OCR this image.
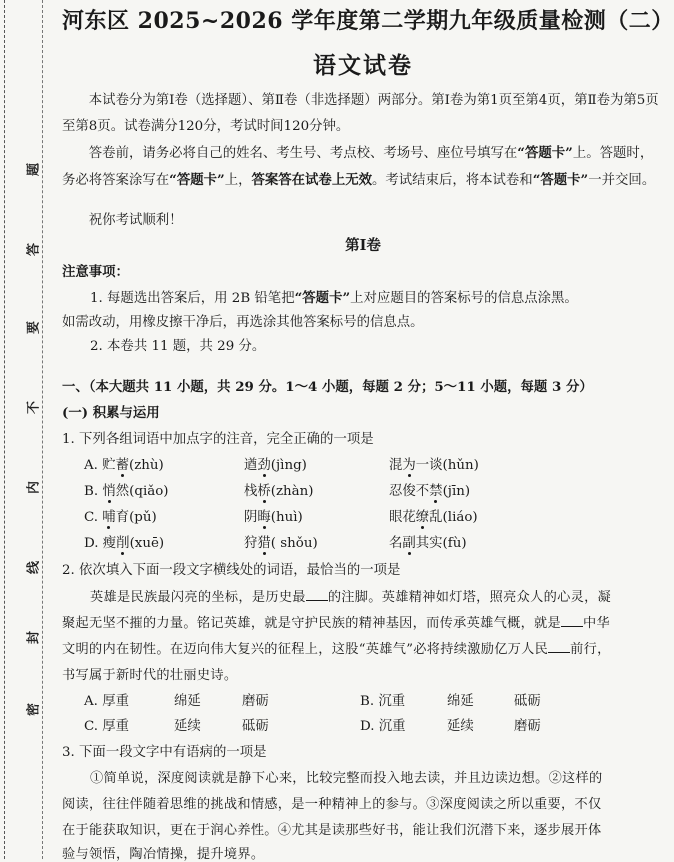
题
答
要
不
内
线
封
密
河东区 2025~2026 学年度第二学期九年级质量检测（二）
语文试卷
本试卷分为第Ⅰ卷（选择题）、第Ⅱ卷（非选择题）两部分。第Ⅰ卷为第1页至第4页，第Ⅱ卷为第5页至第8页。试卷满分120分，考试时间120分钟。
答卷前，请务必将自己的姓名、考生号、考点校、考场号、座位号填写在“答题卡”上。答题时，务必将答案涂写在“答题卡”上，答案答在试卷上无效。考试结束后，将本试卷和“答题卡”一并交回。
祝你考试顺利！
第Ⅰ卷
注意事项：
1. 每题选出答案后，用 2B 铅笔把“答题卡”上对应题目的答案标号的信息点涂黑。
如需改动，用橡皮擦干净后，再选涂其他答案标号的信息点。
2. 本卷共 11 题，共 29 分。
一、（本大题共 11 小题，共 29 分。1～4 小题，每题 2 分；5～11 小题，每题 3 分）
(一) 积累与运用
1. 下列各组词语中加点字的注音，完全正确的一项是
A. 贮蓄(zhù)	遒劲(jìng)	混为一谈(hǔn)
B. 悄然(qiǎo)	栈桥(zhàn)	忍俊不禁(jīn)
C. 哺育(pǔ)	阴晦(huì)	眼花缭乱(liáo)
D. 瘦削(xuē)	狩猎( shǒu)	名副其实(fù)
2. 依次填入下面一段文字横线处的词语，最恰当的一项是
英雄是民族最闪亮的坐标，是历史最 的注脚。英雄精神如灯塔，照亮众人的心灵，凝
聚起无坚不摧的力量。铭记英雄，就是守护民族的精神基因，而传承英雄气概，就是 中华
文明的内在韧性。在迈向伟大复兴的征程上，这股“英雄气”必将持续激励亿万人民 前行，
书写属于新时代的壮丽史诗。
A. 厚重	绵延	磨砺	B. 沉重	绵延	砥砺
C. 厚重	延续	砥砺	D. 沉重	延续	磨砺
3. 下面一段文字中有语病的一项是
①简单说，深度阅读就是静下心来，比较完整而投入地去读，并且边读边想。②这样的
阅读，往往伴随着思维的挑战和情感，是一种精神上的参与。③深度阅读之所以重要，不仅
在于能获取知识，更在于润心养性。④尤其是读那些好书，能让我们沉潜下来，逐步展开体
验与领悟，陶冶情操，提升境界。
